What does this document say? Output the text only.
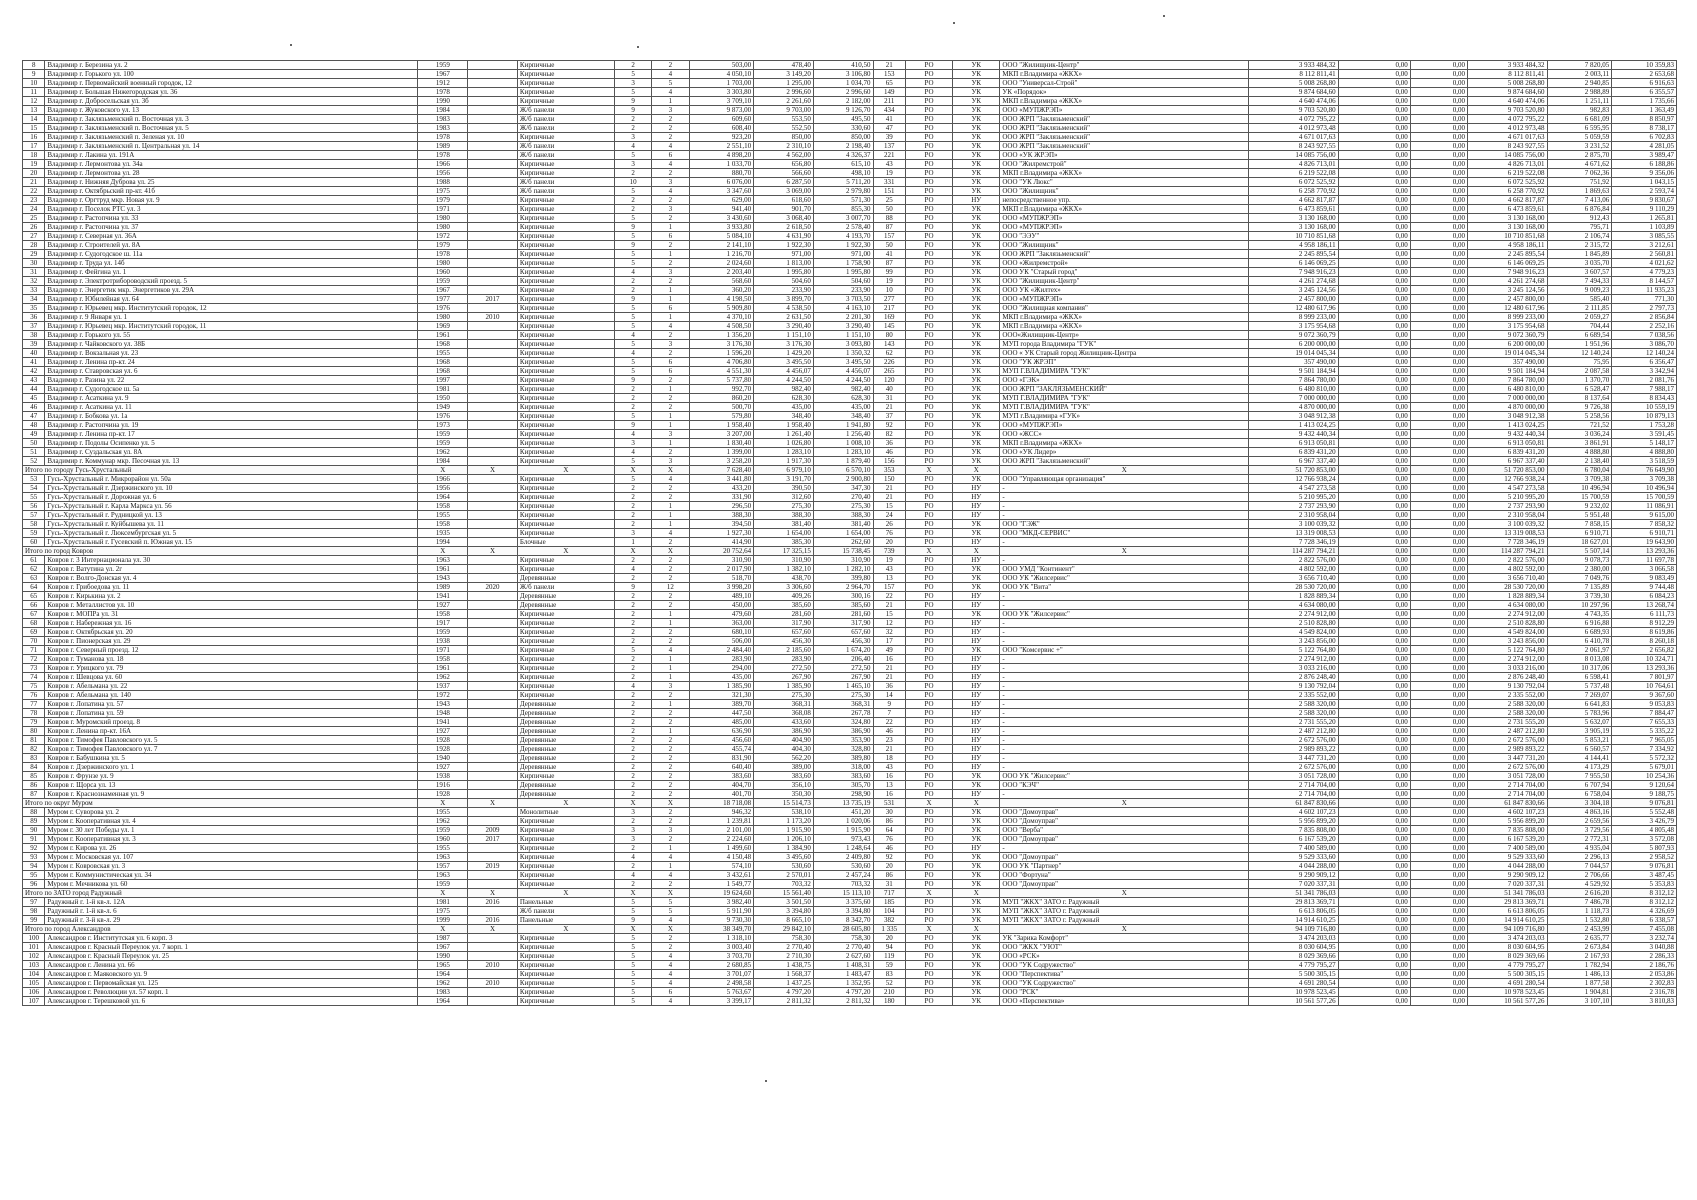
8	Владимир г. Березина ул. 2	1959		Кирпичные	2	2	503,00	478,40	410,50	21	РО	УК	ООО "Жилищник-Центр"	3 933 484,32	0,00	0,00	3 933 484,32	7 820,05	10 359,83
9	Владимир г. Горького ул. 100	1967		Кирпичные	5	4	4 050,10	3 149,20	3 106,80	153	РО	УК	МКП г.Владимира «ЖКХ»	8 112 811,41	0,00	0,00	8 112 811,41	2 003,11	2 653,68
10	Владимир г. Первомайский военный городок, 12	1912		Кирпичные	3	5	1 703,00	1 295,00	1 034,70	65	РО	УК	ООО "Универсал-Строй"	5 008 268,80	0,00	0,00	5 008 268,80	2 940,85	6 916,63
11	Владимир г. Большая Нижегородская ул. 36	1978		Кирпичные	5	4	3 303,80	2 996,60	2 996,60	149	РО	УК	УК «Порядок»	9 874 684,60	0,00	0,00	9 874 684,60	2 988,89	6 355,57
12	Владимир г. Добросельская ул. 3б	1990		Кирпичные	9	1	3 709,10	2 261,60	2 182,00	211	РО	УК	МКП г.Владимира «ЖКХ»	4 640 474,06	0,00	0,00	4 640 474,06	1 251,11	1 735,66
13	Владимир г. Жуковского ул. 13	1984		Ж/б панели	9	3	9 873,00	9 703,00	9 126,70	434	РО	УК	ООО «МУПЖРЭП»	9 703 520,80	0,00	0,00	9 703 520,80	982,83	1 363,49
14	Владимир г. Заклязьменский п. Восточная ул. 3	1983		Ж/б панели	2	2	609,60	553,50	495,50	41	РО	УК	ООО ЖРП "Заклязьменский"	4 072 795,22	0,00	0,00	4 072 795,22	6 681,09	8 850,97
15	Владимир г. Заклязьменский п. Восточная ул. 5	1983		Ж/б панели	2	2	608,40	552,50	330,60	47	РО	УК	ООО ЖРП "Заклязьменский"	4 012 973,48	0,00	0,00	4 012 973,48	6 595,95	8 738,17
16	Владимир г. Заклязьменский п. Зеленая ул. 10	1978		Кирпичные	3	2	923,20	850,00	850,00	39	РО	УК	ООО ЖРП "Заклязьменский"	4 671 017,63	0,00	0,00	4 671 017,63	5 059,59	6 702,83
17	Владимир г. Заклязьменский п. Центральная ул. 14	1989		Ж/б панели	4	4	2 551,10	2 310,10	2 198,40	137	РО	УК	ООО ЖРП "Заклязьменский"	8 243 927,55	0,00	0,00	8 243 927,55	3 231,52	4 281,05
18	Владимир г. Лакина ул. 191А	1978		Ж/б панели	5	6	4 898,20	4 562,00	4 326,37	221	РО	УК	ООО «УК ЖРЭП»	14 085 756,00	0,00	0,00	14 085 756,00	2 875,70	3 989,47
19	Владимир г. Лермонтова ул. 34а	1966		Кирпичные	3	4	1 033,70	656,80	615,10	43	РО	УК	ООО "Жилремстрой"	4 826 713,01	0,00	0,00	4 826 713,01	4 671,62	6 188,86
20	Владимир г. Лермонтова ул. 28	1956		Кирпичные	2	2	880,70	566,60	498,10	19	РО	УК	МКП г.Владимира «ЖКХ»	6 219 522,08	0,00	0,00	6 219 522,08	7 062,36	9 356,06
21	Владимир г. Нижняя Дуброва ул. 25	1988		Ж/б панели	10	3	6 076,00	6 287,50	5 711,20	331	РО	УК	ООО "УК Люкс"	6 072 525,92	0,00	0,00	6 072 525,92	751,92	1 043,15
22	Владимир г. Октябрьский пр-кт. 41б	1975		Ж/б панели	5	4	3 347,60	3 069,00	2 979,80	151	РО	УК	ООО "Жилищник"	6 258 770,92	0,00	0,00	6 258 770,92	1 869,63	2 593,74
23	Владимир г. Оргтруд мкр. Новая ул. 9	1979		Кирпичные	2	2	629,00	618,60	571,30	25	РО	НУ	непосредственное упр.	4 662 817,87	0,00	0,00	4 662 817,87	7 413,06	9 830,67
24	Владимир г. Поселок РТС ул. 3	1971		Кирпичные	2	3	941,40	901,70	855,30	50	РО	УК	МКП г.Владимира «ЖКХ»	6 473 859,61	0,00	0,00	6 473 859,61	6 876,84	9 110,29
25	Владимир г. Растопчина ул. 33	1980		Кирпичные	5	2	3 430,60	3 068,40	3 007,70	88	РО	УК	ООО «МУПЖРЭП»	3 130 168,00	0,00	0,00	3 130 168,00	912,43	1 265,81
26	Владимир г. Растопчина ул. 37	1980		Кирпичные	9	1	3 933,80	2 618,50	2 578,40	87	РО	УК	ООО «МУПЖРЭП»	3 130 168,00	0,00	0,00	3 130 168,00	795,71	1 103,89
27	Владимир г. Северная ул. 36А	1972		Кирпичные	5	6	5 084,10	4 631,90	4 193,70	157	РО	УК	ООО "ЭЭУ"	10 710 851,68	0,00	0,00	10 710 851,68	2 106,74	3 085,55
28	Владимир г. Строителей ул. 8А	1979		Кирпичные	9	2	2 141,10	1 922,30	1 922,30	50	РО	УК	ООО "Жилищник"	4 958 186,11	0,00	0,00	4 958 186,11	2 315,72	3 212,61
29	Владимир г. Судогодское ш. 11а	1978		Кирпичные	5	1	1 216,70	971,00	971,00	41	РО	УК	ООО ЖРП "Заклязьменский"	2 245 895,54	0,00	0,00	2 245 895,54	1 845,89	2 560,81
30	Владимир г. Труда ул. 14б	1980		Кирпичные	5	2	2 024,60	1 813,00	1 758,90	87	РО	УК	ООО «Жилремстрой»	6 146 069,25	0,00	0,00	6 146 069,25	3 035,70	4 021,62
31	Владимир г. Фейгина ул. 1	1960		Кирпичные	4	3	2 203,40	1 995,80	1 995,80	99	РО	УК	ООО УК "Старый город"	7 948 916,23	0,00	0,00	7 948 916,23	3 607,57	4 779,23
32	Владимир г. Электротрибороводский проезд. 5	1959		Кирпичные	2	2	568,60	504,60	504,60	19	РО	УК	ООО "Жилищник-Центр"	4 261 274,68	0,00	0,00	4 261 274,68	7 494,33	8 144,57
33	Владимир г. Энергетик мкр. Энергетиков ул. 29А	1967		Кирпичные	2	1	360,20	233,90	233,90	10	РО	УК	ООО УК «Жилтех»	3 245 124,56	0,00	0,00	3 245 124,56	9 009,23	11 935,23
34	Владимир г. Юбилейная ул. 64	1977	2017	Кирпичные	9	1	4 198,50	3 899,70	3 703,50	277	РО	УК	ООО «МУПЖРЭП»	2 457 800,00	0,00	0,00	2 457 800,00	585,40	771,30
35	Владимир г. Юрьевец мкр. Институтский городок, 12	1976		Кирпичные	5	6	5 909,80	4 538,50	4 163,10	217	РО	УК	ООО "Жилищная компания"	12 480 617,96	0,00	0,00	12 480 617,96	2 111,85	2 797,73
36	Владимир г. 9 Января ул. 1	1980	2010	Кирпичные	5	1	4 370,10	2 631,50	2 201,30	169	РО	УК	МКП г.Владимира «ЖКХ»	8 999 233,00	0,00	0,00	8 999 233,00	2 059,27	2 856,84
37	Владимир г. Юрьевец мкр. Институтский городок, 11	1969		Кирпичные	5	4	4 508,50	3 290,40	3 290,40	145	РО	УК	МКП г.Владимира «ЖКХ»	3 175 954,68	0,00	0,00	3 175 954,68	704,44	2 252,16
38	Владимир г. Горького ул. 55	1961		Кирпичные	4	2	1 356,20	1 151,10	1 151,10	80	РО	УК	ООО«Жилищник-Центр»	9 072 360,79	0,00	0,00	9 072 360,79	6 689,54	7 038,56
39	Владимир г. Чайковского ул. 38Б	1968		Кирпичные	5	3	3 176,30	3 176,30	3 093,80	143	РО	УК	МУП города Владимира "ГУК"	6 200 000,00	0,00	0,00	6 200 000,00	1 951,96	3 086,70
40	Владимир г. Вокзальная ул. 23	1955		Кирпичные	4	2	1 596,20	1 429,20	1 350,32	62	РО	УК	ООО « УК Старый город Жилищник-Центра	19 014 045,34	0,00	0,00	19 014 045,34	12 140,24	12 140,24
41	Владимир г. Ленина пр-кт. 24	1968		Кирпичные	5	6	4 706,80	3 495,50	3 495,50	226	РО	УК	ООО "УК ЖРЭП"	357 490,00	0,00	0,00	357 490,00	75,95	6 356,47
42	Владимир г. Ставровская ул. 6	1968		Кирпичные	5	6	4 551,30	4 456,07	4 456,07	265	РО	УК	МУП Г.ВЛАДИМИРА "ГУК"	9 501 184,94	0,00	0,00	9 501 184,94	2 087,58	3 342,94
43	Владимир г. Разина ул. 22	1997		Кирпичные	9	2	5 737,80	4 244,50	4 244,50	120	РО	УК	ООО «ГЭК»	7 864 780,00	0,00	0,00	7 864 780,00	1 370,70	2 081,76
44	Владимир г. Судогодское ш. 5а	1981		Кирпичные	2	1	992,70	982,40	982,40	40	РО	УК	ООО ЖРП "ЗАКЛЯЗЬМЕНСКИЙ"	6 480 810,00	0,00	0,00	6 480 810,00	6 528,47	7 988,17
45	Владимир г. Асаткина ул. 9	1950		Кирпичные	2	2	860,20	628,30	628,30	31	РО	УК	МУП Г.ВЛАДИМИРА "ГУК"	7 000 000,00	0,00	0,00	7 000 000,00	8 137,64	8 834,43
46	Владимир г. Асаткина ул. 11	1949		Кирпичные	2	2	500,70	435,00	435,00	21	РО	УК	МУП Г.ВЛАДИМИРА "ГУК"	4 870 000,00	0,00	0,00	4 870 000,00	9 726,38	10 559,19
47	Владимир г. Бобкова ул. 1а	1976		Кирпичные	5	1	579,80	348,40	348,40	37	РО	УК	МУП г.Владимира «ГУК»	3 048 912,38	0,00	0,00	3 048 912,38	5 258,56	10 879,13
48	Владимир г. Растопчина ул. 19	1973		Кирпичные	9	1	1 958,40	1 958,40	1 941,80	92	РО	УК	ООО «МУПЖРЭП»	1 413 024,25	0,00	0,00	1 413 024,25	721,52	1 753,28
49	Владимир г. Ленина пр-кт. 17	1959		Кирпичные	4	3	3 207,00	1 261,40	1 256,40	82	РО	УК	ООО «ЖСС»	9 432 440,34	0,00	0,00	9 432 440,34	3 036,24	3 591,45
50	Владимир г. Подолы Осипенко ул. 5	1959		Кирпичные	3	1	1 830,40	1 026,80	1 008,10	36	РО	УК	МКП г.Владимира «ЖКХ»	6 913 050,81	0,00	0,00	6 913 050,81	3 861,91	5 148,17
51	Владимир г. Суздальская ул. 8А	1962		Кирпичные	4	2	1 399,00	1 283,10	1 283,10	46	РО	УК	ООО «УК Лидер»	6 839 431,20	0,00	0,00	6 839 431,20	4 888,80	4 888,80
52	Владимир г. Коммунар мкр. Песочная ул. 13	1984		Кирпичные	5	3	3 258,20	1 917,30	1 879,40	156	РО	УК	ООО ЖРП "Заклязьменский"	6 967 337,40	0,00	0,00	6 967 337,40	2 138,40	3 518,59
Итого по городу Гусь-Хрустальный		X	X	X	X	X	7 628,40	6 979,10	6 570,10	353	X	X	X	51 720 853,00	0,00	0,00	51 720 853,00	6 780,04	76 649,90
53	Гусь-Хрустальный г. Микрорайон ул. 50а	1966		Кирпичные	5	4	3 441,80	3 191,70	2 900,80	150	РО	УК	ООО "Управляющая организация"	12 766 938,24	0,00	0,00	12 766 938,24	3 709,38	3 709,38
54	Гусь-Хрустальный г. Дзержинского ул. 10	1956		Кирпичные	2	2	433,20	390,50	347,30	21	РО	НУ	-	4 547 273,58	0,00	0,00	4 547 273,58	10 496,94	10 496,94
55	Гусь-Хрустальный г. Дорожная ул. 6	1964		Кирпичные	2	2	331,90	312,60	270,40	21	РО	НУ	-	5 210 995,20	0,00	0,00	5 210 995,20	15 700,59	15 700,59
56	Гусь-Хрустальный г. Карла Маркса ул. 56	1958		Кирпичные	2	1	296,50	275,30	275,30	15	РО	НУ	-	2 737 293,90	0,00	0,00	2 737 293,90	9 232,02	11 086,91
57	Гусь-Хрустальный г. Рудницкой ул. 13	1955		Кирпичные	2	1	388,30	388,30	388,30	24	РО	НУ	-	2 310 958,04	0,00	0,00	2 310 958,04	5 951,48	9 615,00
58	Гусь-Хрустальный г. Куйбышева ул. 11	1958		Кирпичные	2	1	394,50	381,40	381,40	26	РО	УК	ООО "ГЭЖ"	3 100 039,32	0,00	0,00	3 100 039,32	7 858,15	7 858,32
59	Гусь-Хрустальный г. Люксембургская ул. 5	1935		Кирпичные	3	4	1 927,30	1 654,00	1 654,00	76	РО	УК	ООО "МКД-СЕРВИС"	13 319 008,53	0,00	0,00	13 319 008,53	6 910,71	6 910,71
60	Гусь-Хрустальный г. Гусевский п. Южная ул. 15	1994		Блочные	1	2	414,90	385,30	262,60	20	РО	НУ	-	7 728 346,19	0,00	0,00	7 728 346,19	18 627,01	19 643,90
Итого по город Ковров		X	X	X	X	X	20 752,64	17 325,15	15 738,45	739	X	X	X	114 287 794,21	0,00	0,00	114 287 794,21	5 507,14	13 293,36
61	Ковров г. 3 Интернационала ул. 30	1963		Кирпичные	2	2	310,90	310,90	310,90	19	РО	НУ	-	2 822 576,00	0,00	0,00	2 822 576,00	9 078,73	11 697,78
62	Ковров г. Ватутина ул. 2г	1961		Кирпичные	4	2	2 017,90	1 382,10	1 282,10	43	РО	УК	ООО УМД "Континент"	4 802 592,00	0,00	0,00	4 802 592,00	2 380,00	3 066,58
63	Ковров г. Волго-Донская ул. 4	1943		Деревянные	2	2	518,70	438,70	399,80	13	РО	УК	ООО УК "Жилсервис"	3 656 710,40	0,00	0,00	3 656 710,40	7 049,76	9 083,49
64	Ковров г. Грибоедова ул. 11	1989	2020	Ж/б панели	9	12	3 998,20	3 306,60	2 964,70	157	РО	УК	ООО УК "Вита"	28 530 720,00	0,00	0,00	28 530 720,00	7 135,89	9 744,48
65	Ковров г. Кирькина ул. 2	1941		Деревянные	2	2	489,10	409,26	300,16	22	РО	НУ	-	1 828 889,34	0,00	0,00	1 828 889,34	3 739,30	6 084,23
66	Ковров г. Металлистов ул. 10	1927		Деревянные	2	2	450,00	385,60	385,60	21	РО	НУ	-	4 634 080,00	0,00	0,00	4 634 080,00	10 297,96	13 268,74
67	Ковров г. МОПРа ул. 31	1958		Кирпичные	2	1	479,60	281,60	281,60	15	РО	УК	ООО УК "Жилсервис"	2 274 912,00	0,00	0,00	2 274 912,00	4 743,35	6 111,73
68	Ковров г. Набережная ул. 16	1917		Кирпичные	2	1	363,00	317,90	317,90	12	РО	НУ	-	2 510 828,80	0,00	0,00	2 510 828,80	6 916,88	8 912,29
69	Ковров г. Октябрьская ул. 20	1959		Кирпичные	2	2	680,10	657,60	657,60	32	РО	НУ	-	4 549 824,00	0,00	0,00	4 549 824,00	6 689,93	8 619,86
70	Ковров г. Пионерская ул. 29	1938		Кирпичные	2	2	506,00	456,30	456,30	17	РО	НУ	-	3 243 856,00	0,00	0,00	3 243 856,00	6 410,78	8 260,18
71	Ковров г. Северный проезд. 12	1971		Кирпичные	5	4	2 484,40	2 185,60	1 674,20	49	РО	УК	ООО "Комсервис +"	5 122 764,80	0,00	0,00	5 122 764,80	2 061,97	2 656,82
72	Ковров г. Туманова ул. 18	1958		Кирпичные	2	1	283,90	283,90	206,40	16	РО	НУ	-	2 274 912,00	0,00	0,00	2 274 912,00	8 013,08	10 324,71
73	Ковров г. Урицкого ул. 79	1961		Кирпичные	2	1	294,00	272,50	272,50	21	РО	НУ	-	3 033 216,00	0,00	0,00	3 033 216,00	10 317,06	13 293,36
74	Ковров г. Шевцова ул. 60	1962		Кирпичные	2	1	435,00	267,90	267,90	21	РО	НУ	-	2 876 248,40	0,00	0,00	2 876 248,40	6 598,41	7 801,97
75	Ковров г. Абельмана ул. 22	1937		Кирпичные	4	3	1 385,90	1 385,90	1 465,10	36	РО	НУ	-	9 130 792,04	0,00	0,00	9 130 792,04	5 737,48	10 764,61
76	Ковров г. Абельмана ул. 140	1972		Кирпичные	2	2	321,30	275,30	275,30	14	РО	НУ	-	2 335 552,00	0,00	0,00	2 335 552,00	7 269,07	9 367,60
77	Ковров г. Лопатина ул. 57	1943		Деревянные	2	1	389,70	368,31	368,31	9	РО	НУ	-	2 588 320,00	0,00	0,00	2 588 320,00	6 641,83	9 053,83
78	Ковров г. Лопатина ул. 59	1948		Деревянные	2	2	447,50	368,08	267,78	7	РО	НУ	-	2 588 320,00	0,00	0,00	2 588 320,00	5 783,96	7 884,47
79	Ковров г. Муромский проезд. 8	1941		Деревянные	2	2	485,00	433,60	324,80	22	РО	НУ	-	2 731 555,20	0,00	0,00	2 731 555,20	5 632,07	7 655,33
80	Ковров г. Ленина пр-кт. 16А	1927		Деревянные	2	1	636,90	386,90	386,90	46	РО	НУ	-	2 487 212,80	0,00	0,00	2 487 212,80	3 905,19	5 335,22
81	Ковров г. Тимофея Павловского ул. 5	1928		Деревянные	2	2	456,60	404,90	353,90	23	РО	НУ	-	2 672 576,00	0,00	0,00	2 672 576,00	5 853,21	7 965,05
82	Ковров г. Тимофея Павловского ул. 7	1928		Деревянные	2	2	455,74	404,30	328,80	21	РО	НУ	-	2 989 893,22	0,00	0,00	2 989 893,22	6 560,57	7 334,92
83	Ковров г. Бабушкина ул. 5	1940		Деревянные	2	2	831,90	562,20	389,80	18	РО	НУ	-	3 447 731,20	0,00	0,00	3 447 731,20	4 144,41	5 572,32
84	Ковров г. Дзержинского ул. 1	1927		Деревянные	2	2	640,40	389,00	318,00	43	РО	НУ	-	2 672 576,00	0,00	0,00	2 672 576,00	4 173,29	5 679,01
85	Ковров г. Фрунзе ул. 9	1938		Кирпичные	2	2	383,60	383,60	383,60	16	РО	УК	ООО УК "Жилсервис"	3 051 728,00	0,00	0,00	3 051 728,00	7 955,50	10 254,36
86	Ковров г. Щорса ул. 13	1916		Деревянные	2	2	404,70	356,10	305,70	13	РО	УК	ООО "КЭЧ"	2 714 704,00	0,00	0,00	2 714 704,00	6 707,94	9 120,64
87	Ковров г. Краснознаменная ул. 9	1928		Деревянные	2	2	401,70	350,30	298,90	16	РО	НУ	-	2 714 704,00	0,00	0,00	2 714 704,00	6 758,04	9 188,75
Итого по округ Муром		X	X	X	X	X	18 718,08	15 514,73	13 735,19	531	X	X	X	61 847 830,66	0,00	0,00	61 847 830,66	3 304,18	9 076,81
88	Муром г. Суворова ул. 2	1955		Монолитные	3	2	946,32	538,10	451,20	30	РО	УК	ООО "Домоуправ"	4 602 107,23	0,00	0,00	4 602 107,23	4 863,16	5 552,48
89	Муром г. Кооперативная ул. 4	1962		Кирпичные	2	2	1 239,81	1 173,20	1 020,06	86	РО	УК	ООО "Домоуправ"	5 956 899,20	0,00	0,00	5 956 899,20	2 659,56	3 426,79
90	Муром г. 30 лет Победы ул. 1	1959	2009	Кирпичные	3	3	2 101,00	1 915,90	1 915,90	64	РО	УК	ООО "Верба"	7 835 808,00	0,00	0,00	7 835 808,00	3 729,56	4 805,48
91	Муром г. Кооперативная ул. 3	1960	2017	Кирпичные	3	2	2 224,60	1 206,10	973,43	76	РО	УК	ООО "Домоуправ"	6 167 539,20	0,00	0,00	6 167 539,20	2 772,31	3 572,08
92	Муром г. Кирова ул. 26	1955		Кирпичные	2	1	1 499,60	1 384,90	1 248,64	46	РО	НУ	-	7 400 589,00	0,00	0,00	7 400 589,00	4 935,04	5 807,93
93	Муром г. Московская ул. 107	1963		Кирпичные	4	4	4 150,48	3 495,60	2 409,80	92	РО	УК	ООО "Домоуправ"	9 529 333,60	0,00	0,00	9 529 333,60	2 296,13	2 958,52
94	Муром г. Ковровская ул. 3	1957	2019	Кирпичные	2	1	574,10	530,60	530,60	20	РО	УК	ООО УК "Партнер"	4 044 288,00	0,00	0,00	4 044 288,00	7 044,57	9 076,81
95	Муром г. Коммунистическая ул. 34	1963		Кирпичные	4	4	3 432,61	2 570,01	2 457,24	86	РО	УК	ООО "Фортуна"	9 290 909,12	0,00	0,00	9 290 909,12	2 706,66	3 487,45
96	Муром г. Мечникова ул. 60	1959		Кирпичные	2	2	1 549,77	703,32	703,32	31	РО	УК	ООО "Домоуправ"	7 020 337,31	0,00	0,00	7 020 337,31	4 529,92	5 353,83
Итого по ЗАТО город Радужный		X	X	X	X	X	19 624,60	15 561,40	15 113,10	717	X	X	X	51 341 786,03	0,00	0,00	51 341 786,03	2 616,20	8 312,12
97	Радужный г. 1-й кв-л. 12А	1981	2016	Панельные	5	5	3 982,40	3 501,50	3 375,60	185	РО	УК	МУП "ЖКХ" ЗАТО г. Радужный	29 813 369,71	0,00	0,00	29 813 369,71	7 486,78	8 312,12
98	Радужный г. 1-й кв-л. 6	1975		Ж/б панели	5	5	5 911,90	3 394,80	3 394,80	104	РО	УК	МУП "ЖКХ" ЗАТО г. Радужный	6 613 806,05	0,00	0,00	6 613 806,05	1 118,73	4 326,69
99	Радужный г. 3-й кв-л. 29	1999	2016	Панельные	9	4	9 730,30	8 665,10	8 342,70	382	РО	УК	МУП "ЖКХ" ЗАТО г. Радужный	14 914 610,25	0,00	0,00	14 914 610,25	1 532,80	6 338,57
Итого по город Александров		X	X	X	X	X	38 349,70	29 842,10	28 605,80	1 335	X	X	X	94 109 716,80	0,00	0,00	94 109 716,80	2 453,99	7 455,08
100	Александров г. Институтская ул. 6 корп. 3	1987		Кирпичные	5	2	1 318,10	758,30	758,30	20	РО	УК	УК "Зарика Комфорт"	3 474 203,03	0,00	0,00	3 474 203,03	2 635,77	3 232,74
101	Александров г. Красный Переулок ул. 7 корп. 1	1967		Кирпичные	5	2	3 003,40	2 770,40	2 770,40	94	РО	УК	ООО "ЖКХ "УЮТ"	8 030 604,95	0,00	0,00	8 030 604,95	2 673,84	3 040,88
102	Александров г. Красный Переулок ул. 25	1990		Кирпичные	5	4	3 703,70	2 710,30	2 627,60	119	РО	УК	ООО «РСК»	8 029 369,66	0,00	0,00	8 029 369,66	2 167,93	2 286,33
103	Александров г. Ленина ул. 66	1965	2010	Кирпичные	5	4	2 680,85	1 438,75	1 408,31	59	РО	УК	ООО "УК Содружество"	4 779 795,27	0,00	0,00	4 779 795,27	1 782,94	2 186,76
104	Александров г. Маяковского ул. 9	1964		Кирпичные	5	4	3 701,07	1 568,37	1 483,47	83	РО	УК	ООО "Перспектива"	5 500 305,15	0,00	0,00	5 500 305,15	1 486,13	2 053,86
105	Александров г. Первомайская ул. 125	1962	2010	Кирпичные	5	4	2 498,58	1 437,25	1 352,95	52	РО	УК	ООО "УК Содружество"	4 691 280,54	0,00	0,00	4 691 280,54	1 877,58	2 302,83
106	Александров г. Революции ул. 57 корп. 1	1983		Кирпичные	5	6	5 763,67	4 797,20	4 797,20	210	РО	УК	ООО "РСК"	10 978 523,45	0,00	0,00	10 978 523,45	1 904,81	2 316,78
107	Александров г. Терешковой ул. 6	1964		Кирпичные	5	4	3 399,17	2 811,32	2 811,32	180	РО	УК	ООО «Перспектива»	10 561 577,26	0,00	0,00	10 561 577,26	3 107,10	3 810,83
